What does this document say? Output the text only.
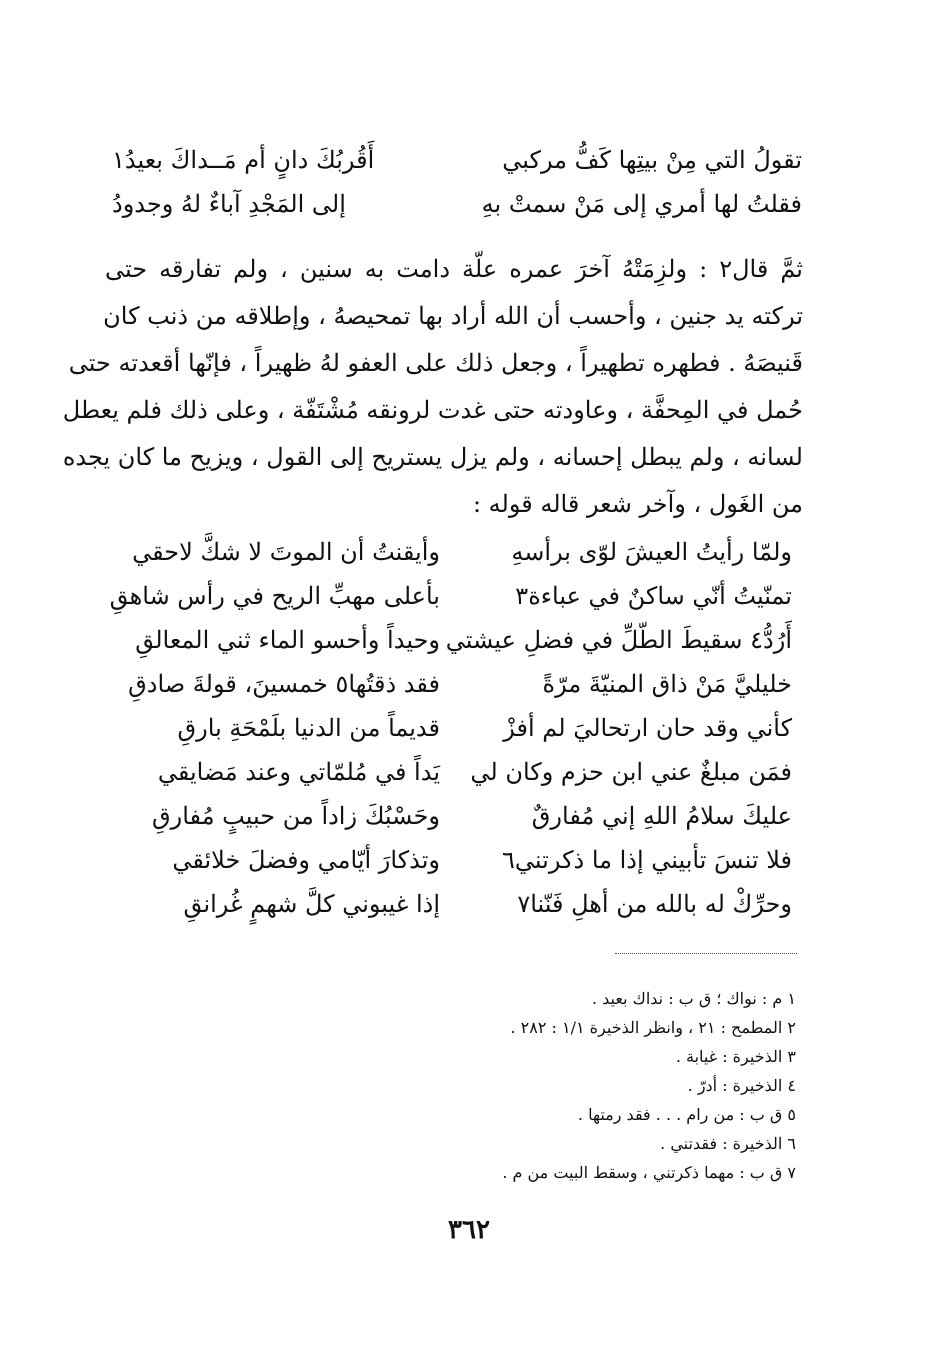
تقولُ التي مِنْ بيتِها كَفُّ مركبي
أَقُربُكَ دانٍ أم مَــداكَ بعيدُ١
فقلتُ لها أمري إلى مَنْ سمتْ بهِ
إلى المَجْدِ آباءٌ لهُ وجدودُ
ثمَّ قال٢ : ولزِمَتْهُ آخرَ عمره علّة دامت به سنين ، ولم تفارقه حتى
تركته يد جنين ، وأحسب أن الله أراد بها تمحيصهُ ، وإطلاقه من ذنب كان
قَنيصَهُ . فطهره تطهيراً ، وجعل ذلك على العفو لهُ ظهيراً ، فإنّها أقعدته حتى
حُمل في المِحفَّة ، وعاودته حتى غدت لرونقه مُشْتَفّة ، وعلى ذلك فلم يعطل
لسانه ، ولم يبطل إحسانه ، ولم يزل يستريح إلى القول ، ويزيح ما كان يجده
من الغَول ، وآخر شعر قاله قوله :
ولمّا رأيتُ العيشَ لوّى برأسهِ
وأيقنتُ أن الموتَ لا شكَّ لاحقي
تمنّيتُ أنّي ساكنٌ في عباءة٣
بأعلى مهبِّ الريح في رأس شاهقِ
أَرُدُّ٤ سقيطَ الطّلِّ في فضلِ عيشتي
وحيداً وأحسو الماء ثني المعالقِ
خليليَّ مَنْ ذاق المنيّةَ مرّةً
فقد ذقتُها٥ خمسينَ، قولةَ صادقِ
كأني وقد حان ارتحاليَ لم أفزْ
قديماً من الدنيا بلَمْحَةِ بارقِ
فمَن مبلغٌ عني ابن حزم وكان لي
يَداً في مُلمّاتي وعند مَضايقي
عليكَ سلامُ اللهِ إني مُفارقٌ
وحَسْبُكَ زاداً من حبيبٍ مُفارقِ
فلا تنسَ تأبيني إذا ما ذكرتني٦
وتذكارَ أيّامي وفضلَ خلائقي
وحرِّكْ له بالله من أهلِ فَنّنا٧
إذا غيبوني كلَّ شهمٍ غُرانقِ
١ م : نواك ؛ ق ب : نداك بعيد .
٢ المطمح : ٢١ ، وانظر الذخيرة ١/١ : ٢٨٢ .
٣ الذخيرة : غيابة .
٤ الذخيرة : أدرّ .
٥ ق ب : من رام . . . فقد رمتها .
٦ الذخيرة : فقدتني .
٧ ق ب : مهما ذكرتني ، وسقط البيت من م .
٣٦٢
